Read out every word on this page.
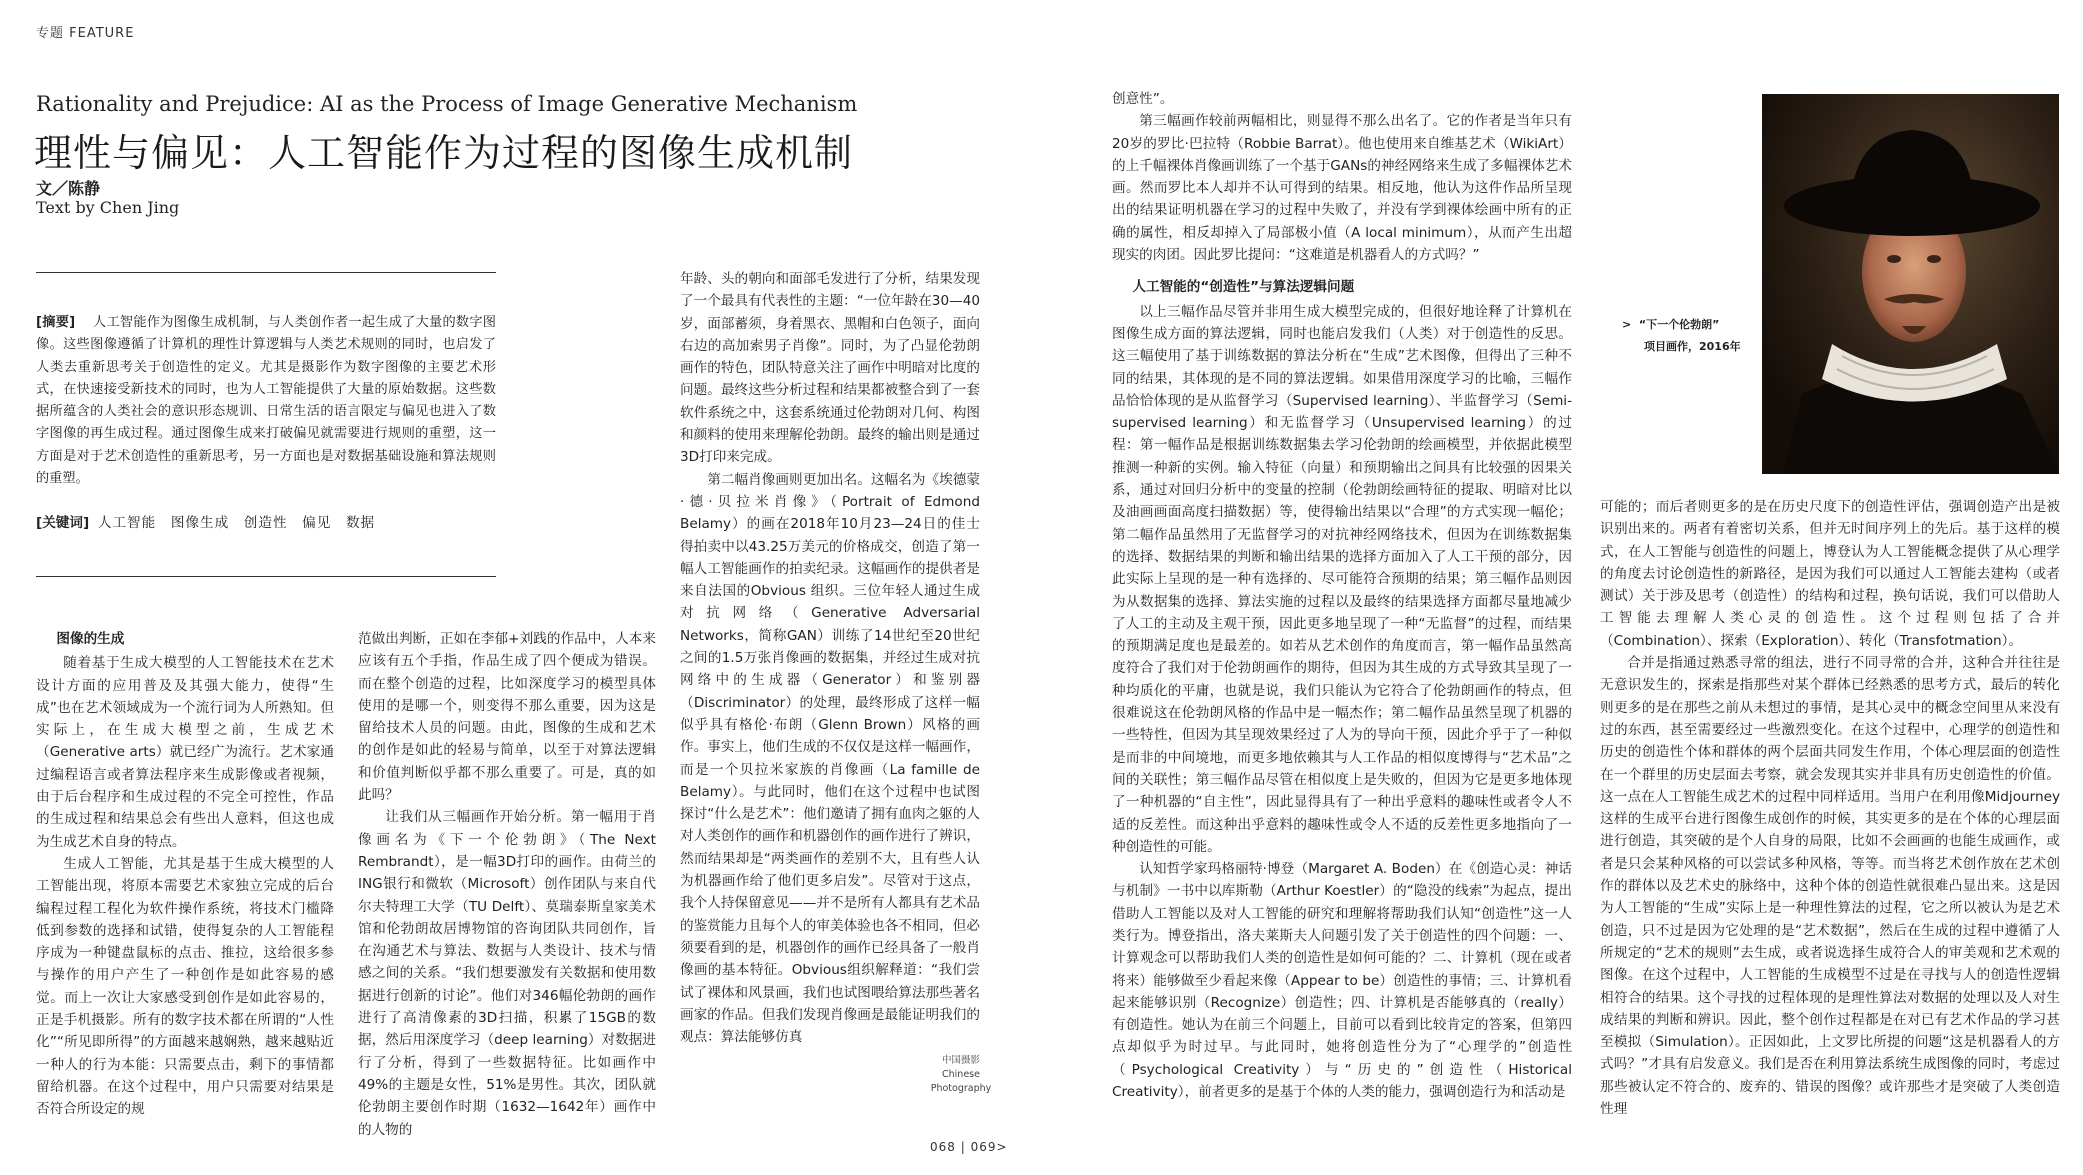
专题 FEATURE
Rationality and Prejudice: AI as the Process of Image Generative Mechanism
理性与偏见：人工智能作为过程的图像生成机制
文／陈静
Text by Chen Jing

[摘要] 人工智能作为图像生成机制，与人类创作者一起生成了大量的数字图像。这些图像遵循了计算机的理性计算逻辑与人类艺术规则的同时，也启发了人类去重新思考关于创造性的定义。尤其是摄影作为数字图像的主要艺术形式，在快速接受新技术的同时，也为人工智能提供了大量的原始数据。这些数据所蕴含的人类社会的意识形态规训、日常生活的语言限定与偏见也进入了数字图像的再生成过程。通过图像生成来打破偏见就需要进行规则的重塑，这一方面是对于艺术创造性的重新思考，另一方面也是对数据基础设施和算法规则的重塑。

[关键词] 人工智能　图像生成　创造性　偏见　数据

图像的生成

随着基于生成大模型的人工智能技术在艺术设计方面的应用普及及其强大能力，使得“生成”也在艺术领域成为一个流行词为人所熟知。但实际上，在生成大模型之前，生成艺术（Generative arts）就已经广为流行。艺术家通过编程语言或者算法程序来生成影像或者视频，由于后台程序和生成过程的不完全可控性，作品的生成过程和结果总会有些出人意料，但这也成为生成艺术自身的特点。

生成人工智能，尤其是基于生成大模型的人工智能出现，将原本需要艺术家独立完成的后台编程过程工程化为软件操作系统，将技术门槛降低到参数的选择和试错，使得复杂的人工智能程序成为一种键盘鼠标的点击、推拉，这给很多参与操作的用户产生了一种创作是如此容易的感觉。而上一次让大家感受到创作是如此容易的，正是手机摄影。所有的数字技术都在所谓的“人性化”“所见即所得”的方面越来越娴熟，越来越贴近一种人的行为本能：只需要点击，剩下的事情都留给机器。在这个过程中，用户只需要对结果是否符合所设定的规

范做出判断，正如在李郁+刘践的作品中，人本来应该有五个手指，作品生成了四个便成为错误。而在整个创造的过程，比如深度学习的模型具体使用的是哪一个，则变得不那么重要，因为这是留给技术人员的问题。由此，图像的生成和艺术的创作是如此的轻易与简单，以至于对算法逻辑和价值判断似乎都不那么重要了。可是，真的如此吗？

让我们从三幅画作开始分析。第一幅用于肖像画名为《下一个伦勃朗》（The Next Rembrandt），是一幅3D打印的画作。由荷兰的ING银行和微软（Microsoft）创作团队与来自代尔夫特理工大学（TU Delft）、莫瑞泰斯皇家美术馆和伦勃朗故居博物馆的咨询团队共同创作，旨在沟通艺术与算法、数据与人类设计、技术与情感之间的关系。“我们想要激发有关数据和使用数据进行创新的讨论”。他们对346幅伦勃朗的画作进行了高清像素的3D扫描，积累了15GB的数据，然后用深度学习（deep learning）对数据进行了分析，得到了一些数据特征。比如画作中49%的主题是女性，51%是男性。其次，团队就伦勃朗主要创作时期（1632—1642年）画作中的人物的

年龄、头的朝向和面部毛发进行了分析，结果发现了一个最具有代表性的主题：“一位年龄在30—40岁，面部蓄须，身着黑衣、黑帽和白色领子，面向右边的高加索男子肖像”。同时，为了凸显伦勃朗画作的特色，团队特意关注了画作中明暗对比度的问题。最终这些分析过程和结果都被整合到了一套软件系统之中，这套系统通过伦勃朗对几何、构图和颜料的使用来理解伦勃朗。最终的输出则是通过3D打印来完成。

第二幅肖像画则更加出名。这幅名为《埃德蒙·德·贝拉米肖像》（Portrait of Edmond Belamy）的画在2018年10月23—24日的佳士得拍卖中以43.25万美元的价格成交，创造了第一幅人工智能画作的拍卖纪录。这幅画作的提供者是来自法国的Obvious 组织。三位年轻人通过生成对抗网络（Generative Adversarial Networks，简称GAN）训练了14世纪至20世纪之间的1.5万张肖像画的数据集，并经过生成对抗网络中的生成器（Generator）和鉴别器（Discriminator）的处理，最终形成了这样一幅似乎具有格伦·布朗（Glenn Brown）风格的画作。事实上，他们生成的不仅仅是这样一幅画作，而是一个贝拉米家族的肖像画（La famille de Belamy）。与此同时，他们在这个过程中也试图探讨“什么是艺术”：他们邀请了拥有血肉之躯的人对人类创作的画作和机器创作的画作进行了辨识，然而结果却是“两类画作的差别不大，且有些人认为机器画作给了他们更多启发”。尽管对于这点，我个人持保留意见——并不是所有人都具有艺术品的鉴赏能力且每个人的审美体验也各不相同，但必须要看到的是，机器创作的画作已经具备了一般肖像画的基本特征。Obvious组织解释道：“我们尝试了裸体和风景画，我们也试图喂给算法那些著名画家的作品。但我们发现肖像画是最能证明我们的观点：算法能够仿真

中国摄影
Chinese
Photography

创意性”。

第三幅画作较前两幅相比，则显得不那么出名了。它的作者是当年只有20岁的罗比·巴拉特（Robbie Barrat）。他也使用来自维基艺术（WikiArt）的上千幅裸体肖像画训练了一个基于GANs的神经网络来生成了多幅裸体艺术画。然而罗比本人却并不认可得到的结果。相反地，他认为这件作品所呈现出的结果证明机器在学习的过程中失败了，并没有学到裸体绘画中所有的正确的属性，相反却掉入了局部极小值（A local minimum），从而产生出超现实的肉团。因此罗比提问：“这难道是机器看人的方式吗？”

人工智能的“创造性”与算法逻辑问题

以上三幅作品尽管并非用生成大模型完成的，但很好地诠释了计算机在图像生成方面的算法逻辑，同时也能启发我们（人类）对于创造性的反思。这三幅使用了基于训练数据的算法分析在“生成”艺术图像，但得出了三种不同的结果，其体现的是不同的算法逻辑。如果借用深度学习的比喻，三幅作品恰恰体现的是从监督学习（Supervised learning）、半监督学习（Semi-supervised learning）和无监督学习（Unsupervised learning）的过程：第一幅作品是根据训练数据集去学习伦勃朗的绘画模型，并依据此模型推测一种新的实例。输入特征（向量）和预期输出之间具有比较强的因果关系，通过对回归分析中的变量的控制（伦勃朗绘画特征的提取、明暗对比以及油画画面高度扫描数据）等，使得输出结果以“合理”的方式实现一幅伦；第二幅作品虽然用了无监督学习的对抗神经网络技术，但因为在训练数据集的选择、数据结果的判断和输出结果的选择方面加入了人工干预的部分，因此实际上呈现的是一种有选择的、尽可能符合预期的结果；第三幅作品则因为从数据集的选择、算法实施的过程以及最终的结果选择方面都尽量地减少了人工的主动及主观干预，因此更多地呈现了一种“无监督”的过程，而结果的预期满足度也是最差的。如若从艺术创作的角度而言，第一幅作品虽然高度符合了我们对于伦勃朗画作的期待，但因为其生成的方式导致其呈现了一种均质化的平庸，也就是说，我们只能认为它符合了伦勃朗画作的特点，但很难说这在伦勃朗风格的作品中是一幅杰作；第二幅作品虽然呈现了机器的一些特性，但因为其呈现效果经过了人为的导向干预，因此介乎于了一种似是而非的中间境地，而更多地依赖其与人工作品的相似度博得与“艺术品”之间的关联性；第三幅作品尽管在相似度上是失败的，但因为它是更多地体现了一种机器的“自主性”，因此显得具有了一种出乎意料的趣味性或者令人不适的反差性。而这种出乎意料的趣味性或令人不适的反差性更多地指向了一种创造性的可能。

认知哲学家玛格丽特·博登（Margaret A. Boden）在《创造心灵：神话与机制》一书中以库斯勒（Arthur Koestler）的“隐没的线索”为起点，提出借助人工智能以及对人工智能的研究和理解将帮助我们认知“创造性”这一人类行为。博登指出，洛夫莱斯夫人问题引发了关于创造性的四个问题：一、计算观念可以帮助我们人类的创造性是如何可能的？二、计算机（现在或者将来）能够做至少看起来像（Appear to be）创造性的事情；三、计算机看起来能够识别（Recognize）创造性；四、计算机是否能够真的（really）有创造性。她认为在前三个问题上，目前可以看到比较肯定的答案，但第四点却似乎为时过早。与此同时，她将创造性分为了“心理学的”创造性（Psychological Creativity）与“历史的”创造性（Historical Creativity），前者更多的是基于个体的人类的能力，强调创造行为和活动是

>  “下一个伦勃朗”
项目画作，2016年

可能的；而后者则更多的是在历史尺度下的创造性评估，强调创造产出是被识别出来的。两者有着密切关系，但并无时间序列上的先后。基于这样的模式，在人工智能与创造性的问题上，博登认为人工智能概念提供了从心理学的角度去讨论创造性的新路径，是因为我们可以通过人工智能去建构（或者测试）关于涉及思考（创造性）的结构和过程，换句话说，我们可以借助人工智能去理解人类心灵的创造性。这个过程则包括了合并（Combination）、探索（Exploration）、转化（Transfotmation）。

合并是指通过熟悉寻常的组法，进行不同寻常的合并，这种合并往往是无意识发生的，探索是指那些对某个群体已经熟悉的思考方式，最后的转化则更多的是在那些之前从未想过的事情，是其心灵中的概念空间里从来没有过的东西，甚至需要经过一些激烈变化。在这个过程中，心理学的创造性和历史的创造性个体和群体的两个层面共同发生作用，个体心理层面的创造性在一个群里的历史层面去考察，就会发现其实并非具有历史创造性的价值。这一点在人工智能生成艺术的过程中同样适用。当用户在利用像Midjourney这样的生成平台进行图像生成创作的时候，其实更多的是在个体的心理层面进行创造，其突破的是个人自身的局限，比如不会画画的也能生成画作，或者是只会某种风格的可以尝试多种风格，等等。而当将艺术创作放在艺术创作的群体以及艺术史的脉络中，这种个体的创造性就很难凸显出来。这是因为人工智能的“生成”实际上是一种理性算法的过程，它之所以被认为是艺术创造，只不过是因为它处理的是“艺术数据”，然后在生成的过程中遵循了人所规定的“艺术的规则”去生成，或者说选择生成符合人的审美观和艺术观的图像。在这个过程中，人工智能的生成模型不过是在寻找与人的创造性逻辑相符合的结果。这个寻找的过程体现的是理性算法对数据的处理以及人对生成结果的判断和辨识。因此，整个创作过程都是在对已有艺术作品的学习甚至模拟（Simulation）。正因如此，上文罗比所提的问题“这是机器看人的方式吗？”才具有启发意义。我们是否在利用算法系统生成图像的同时，考虑过那些被认定不符合的、废弃的、错误的图像？或许那些才是突破了人类创造性理

068 | 069>
